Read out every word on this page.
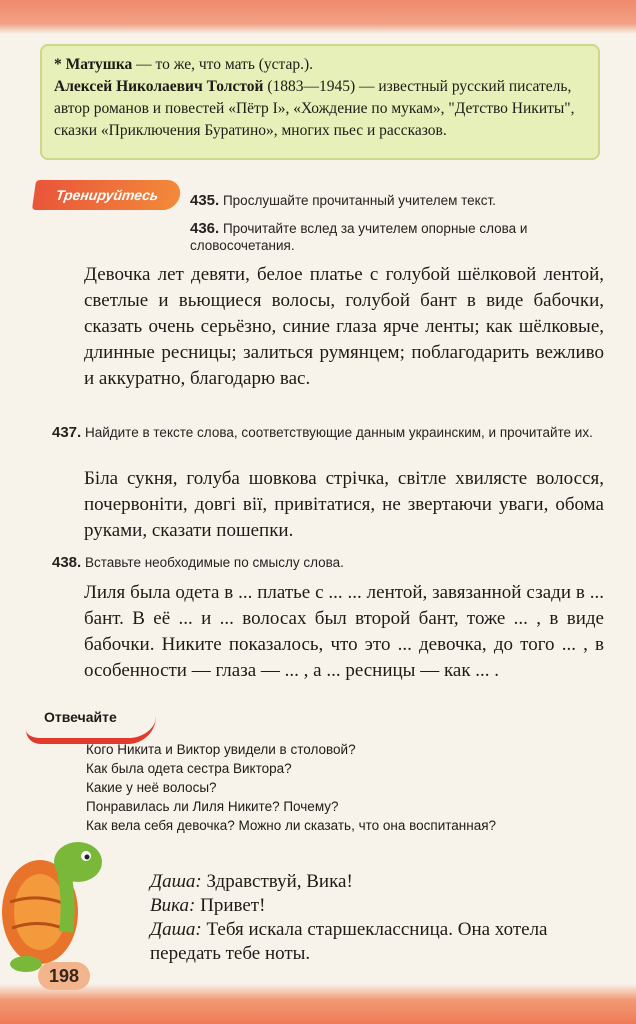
* Матушка — то же, что мать (устар.).
Алексей Николаевич Толстой (1883—1945) — известный русский писатель, автор романов и повестей «Пётр I», «Хождение по мукам», "Детство Никиты", сказки «Приключения Буратино», многих пьес и рассказов.
Тренируйтесь	435. Прослушайте прочитанный учителем текст.
436. Прочитайте вслед за учителем опорные слова и словосочетания.
Девочка лет девяти, белое платье с голубой шёлковой лентой, светлые и вьющиеся волосы, голубой бант в виде бабочки, сказать очень серьёзно, синие глаза ярче ленты; как шёлковые, длинные ресницы; залиться румянцем; поблагодарить вежливо и аккуратно, благодарю вас.
437. Найдите в тексте слова, соответствующие данным украинским, и прочитайте их.
Біла сукня, голуба шовкова стрічка, світле хвилясте волосся, почервоніти, довгі вії, привітатися, не звертаючи уваги, обома руками, сказати пошепки.
438. Вставьте необходимые по смыслу слова.
Лиля была одета в ... платье с ... ... лентой, завязанной сзади в ... бант. В её ... и ... волосах был второй бант, тоже ... , в виде бабочки. Никите показалось, что это ... девочка, до того ... , в особенности — глаза — ... , а ... ресницы — как ... .
Отвечайте
Кого Никита и Виктор увидели в столовой?
Как была одета сестра Виктора?
Какие у неё волосы?
Понравилась ли Лиля Никите? Почему?
Как вела себя девочка? Можно ли сказать, что она воспитанная?
Даша: Здравствуй, Вика!
Вика: Привет!
Даша: Тебя искала старшеклассница. Она хотела передать тебе ноты.
198
